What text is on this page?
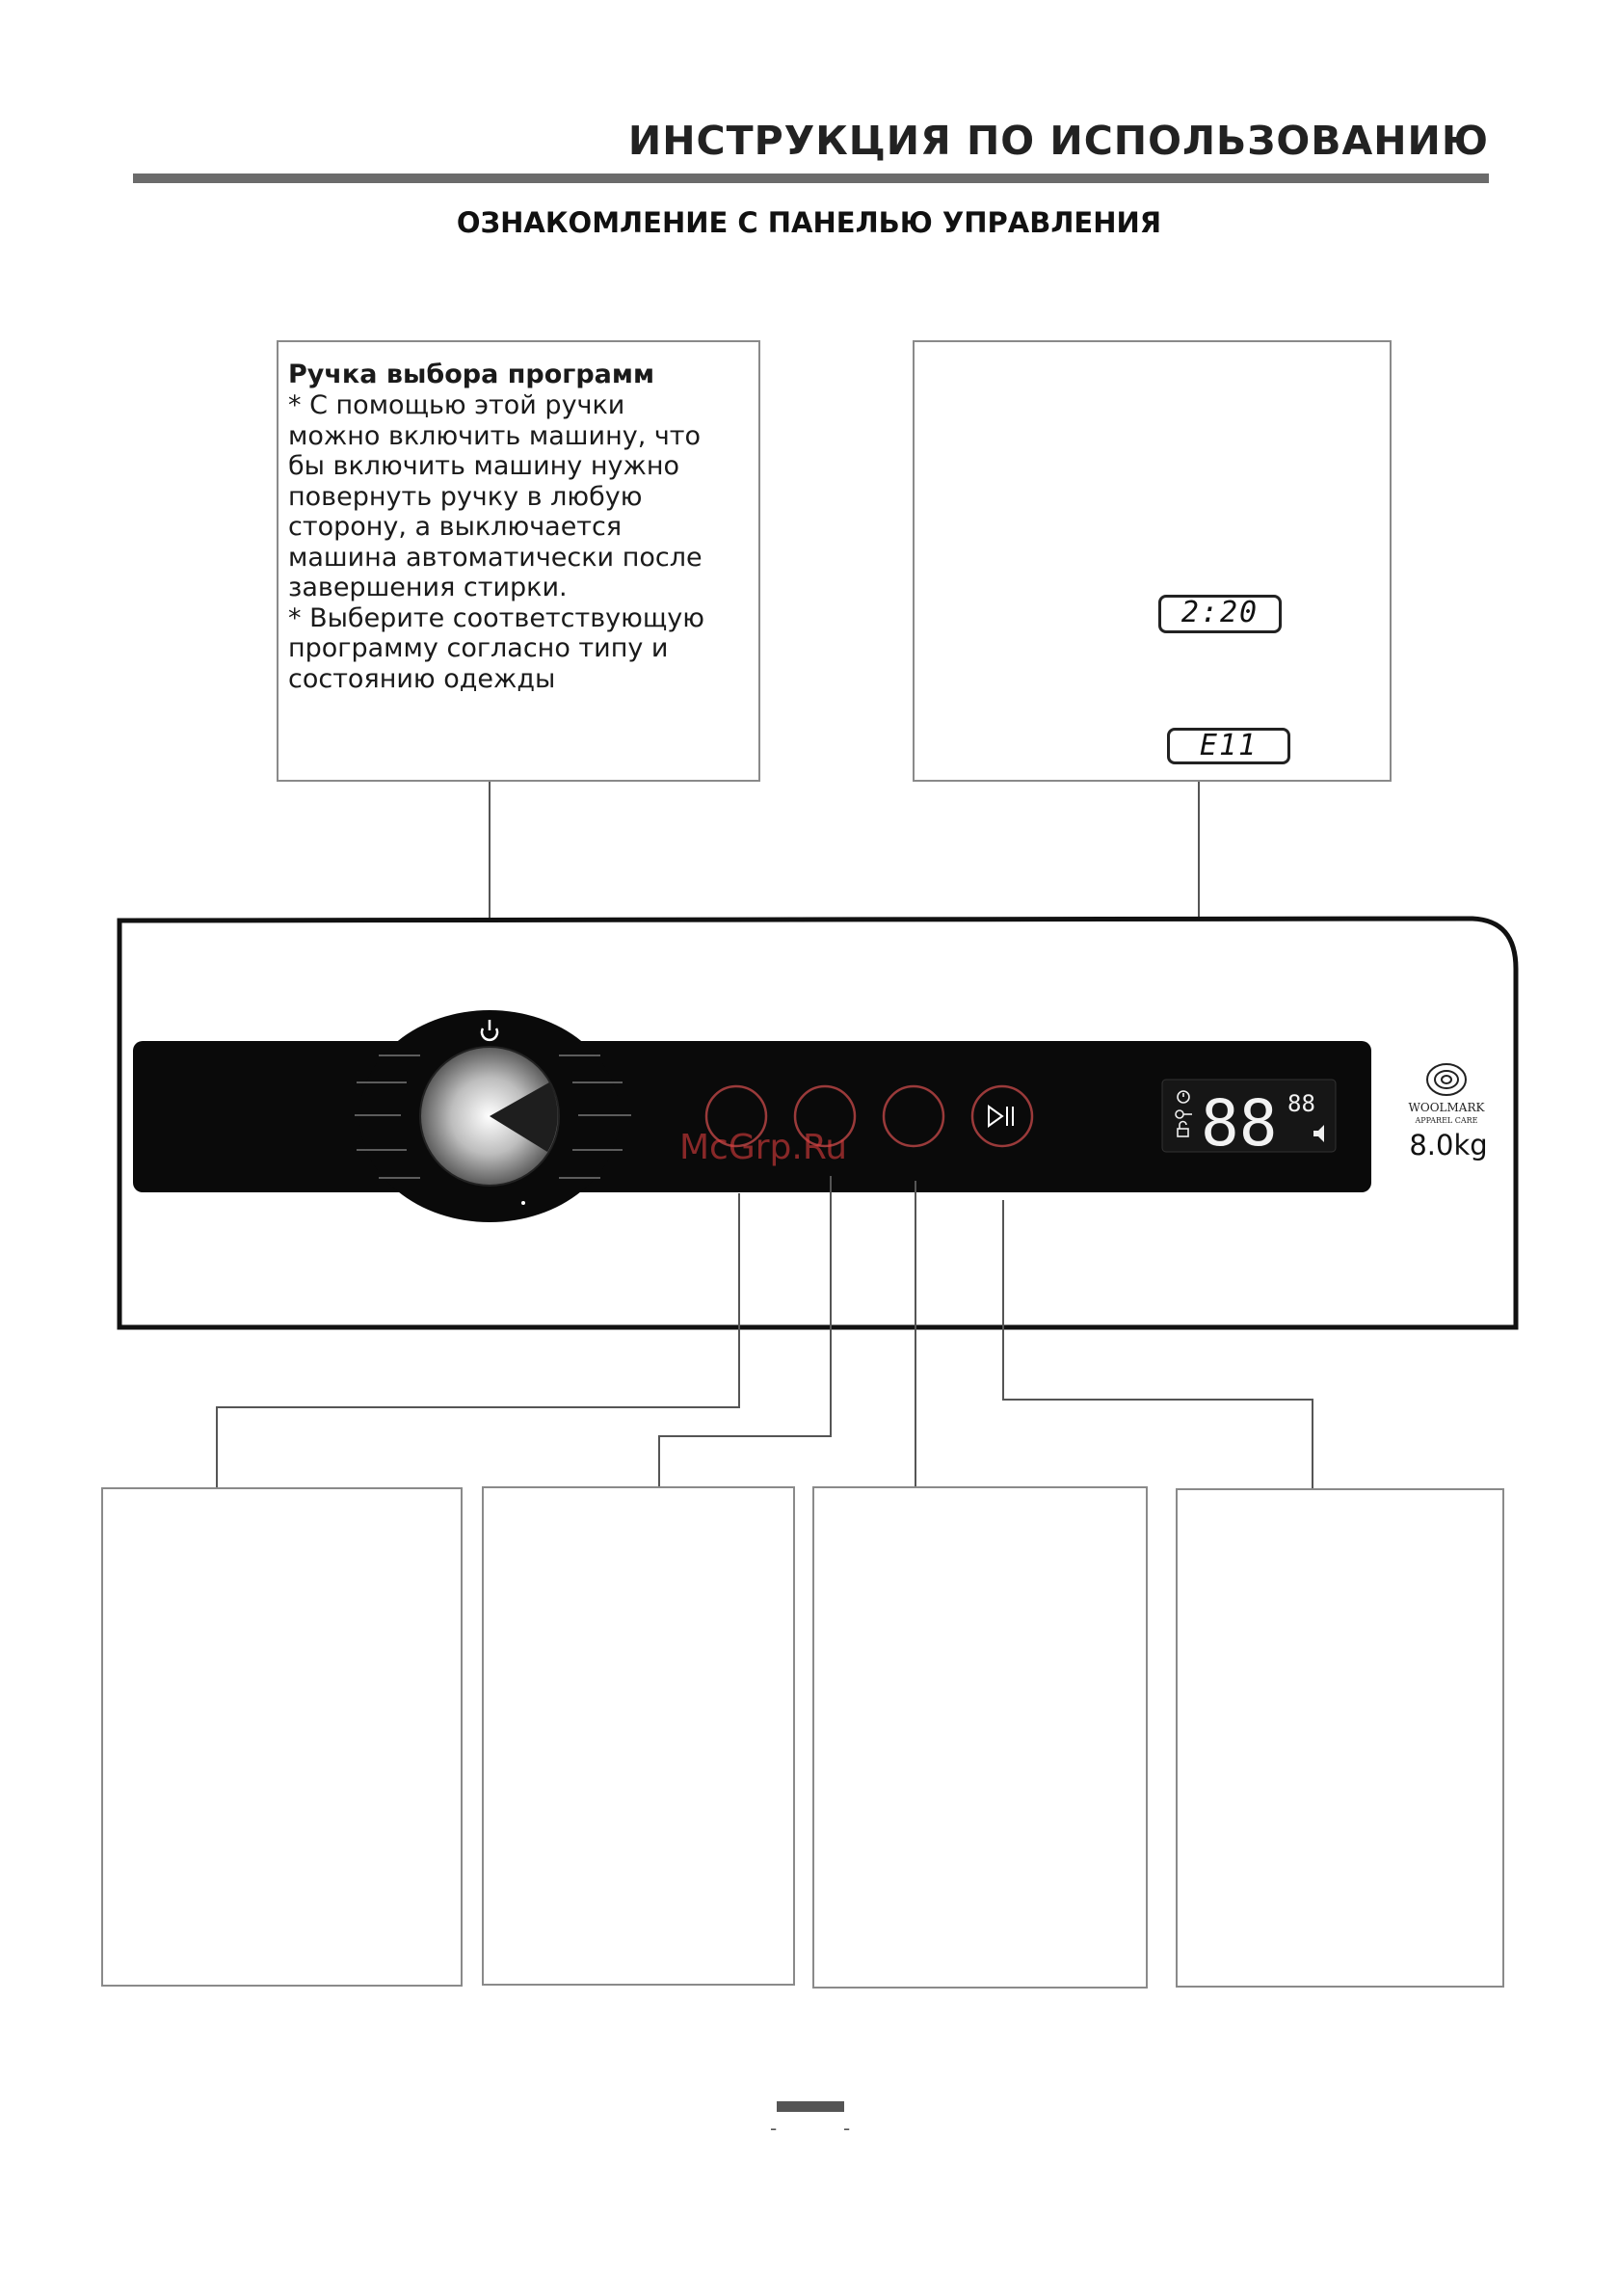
ИНСТРУКЦИЯ ПО ИСПОЛЬЗОВАНИЮ
ОЗНАКОМЛЕНИЕ С ПАНЕЛЬЮ УПРАВЛЕНИЯ
Ручка выбора программ

* С помощью этой ручки

можно включить машину, что

бы включить машину нужно

повернуть ручку в любую

сторону, а выключается

машина автоматически после

завершения стирки.

* Выберите соответствующую

программу согласно типу и

состоянию одежды

2:20
E11
88 88	WOOLMARK
APPAREL CARE
8.0kg
McGrp.Ru
-	-
